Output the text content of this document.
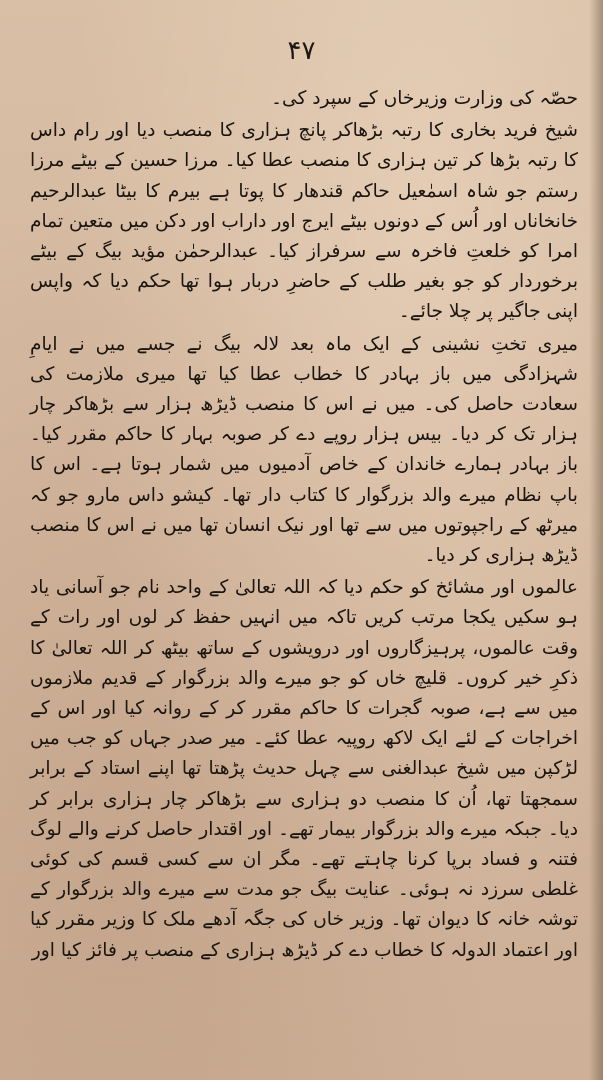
۴۷

حصّہ کی وزارت وزیرخاں کے سپرد کی۔

شیخ فرید بخاری کا رتبہ بڑھاکر پانچ ہزاری کا منصب دیا اور رام داس کا رتبہ بڑھا کر تین ہزاری کا منصب عطا کیا۔ مرزا حسین کے بیٹے مرزا رستم جو شاہ اسمٰعیل حاکم قندھار کا پوتا ہے بیرم کا بیٹا عبدالرحیم خانخاناں اور اُس کے دونوں بیٹے ایرج اور داراب اور دکن میں متعین تمام امرا کو خلعتِ فاخرہ سے سرفراز کیا۔ عبدالرحمٰن مؤید بیگ کے بیٹے برخوردار کو جو بغیر طلب کے حاضرِ دربار ہوا تھا حکم دیا کہ واپس اپنی جاگیر پر چلا جائے۔

میری تختِ نشینی کے ایک ماہ بعد لالہ بیگ نے جسے میں نے ایامِ شہزادگی میں باز بہادر کا خطاب عطا کیا تھا میری ملازمت کی سعادت حاصل کی۔ میں نے اس کا منصب ڈیڑھ ہزار سے بڑھاکر چار ہزار تک کر دیا۔ بیس ہزار روپے دے کر صوبہ بہار کا حاکم مقرر کیا۔ باز بہادر ہمارے خاندان کے خاص آدمیوں میں شمار ہوتا ہے۔ اس کا باپ نظام میرے والد بزرگوار کا کتاب دار تھا۔ کیشو داس مارو جو کہ میرٹھ کے راجپوتوں میں سے تھا اور نیک انسان تھا میں نے اس کا منصب ڈیڑھ ہزاری کر دیا۔

عالموں اور مشائخ کو حکم دیا کہ اللہ تعالیٰ کے واحد نام جو آسانی یاد ہو سکیں یکجا مرتب کریں تاکہ میں انہیں حفظ کر لوں اور رات کے وقت عالموں، پرہیزگاروں اور درویشوں کے ساتھ بیٹھ کر اللہ تعالیٰ کا ذکرِ خیر کروں۔ قلیچ خاں کو جو میرے والد بزرگوار کے قدیم ملازموں میں سے ہے، صوبہ گجرات کا حاکم مقرر کر کے روانہ کیا اور اس کے اخراجات کے لئے ایک لاکھ روپیہ عطا کئے۔ میر صدر جہاں کو جب میں لڑکپن میں شیخ عبدالغنی سے چہل حدیث پڑھتا تھا اپنے استاد کے برابر سمجھتا تھا، اُن کا منصب دو ہزاری سے بڑھاکر چار ہزاری برابر کر دیا۔ جبکہ میرے والد بزرگوار بیمار تھے۔ اور اقتدار حاصل کرنے والے لوگ فتنہ و فساد برپا کرنا چاہتے تھے۔ مگر ان سے کسی قسم کی کوئی غلطی سرزد نہ ہوئی۔ عنایت بیگ جو مدت سے میرے والد بزرگوار کے توشہ خانہ کا دیوان تھا۔ وزیر خاں کی جگہ آدھے ملک کا وزیر مقرر کیا اور اعتماد الدولہ کا خطاب دے کر ڈیڑھ ہزاری کے منصب پر فائز کیا اور
